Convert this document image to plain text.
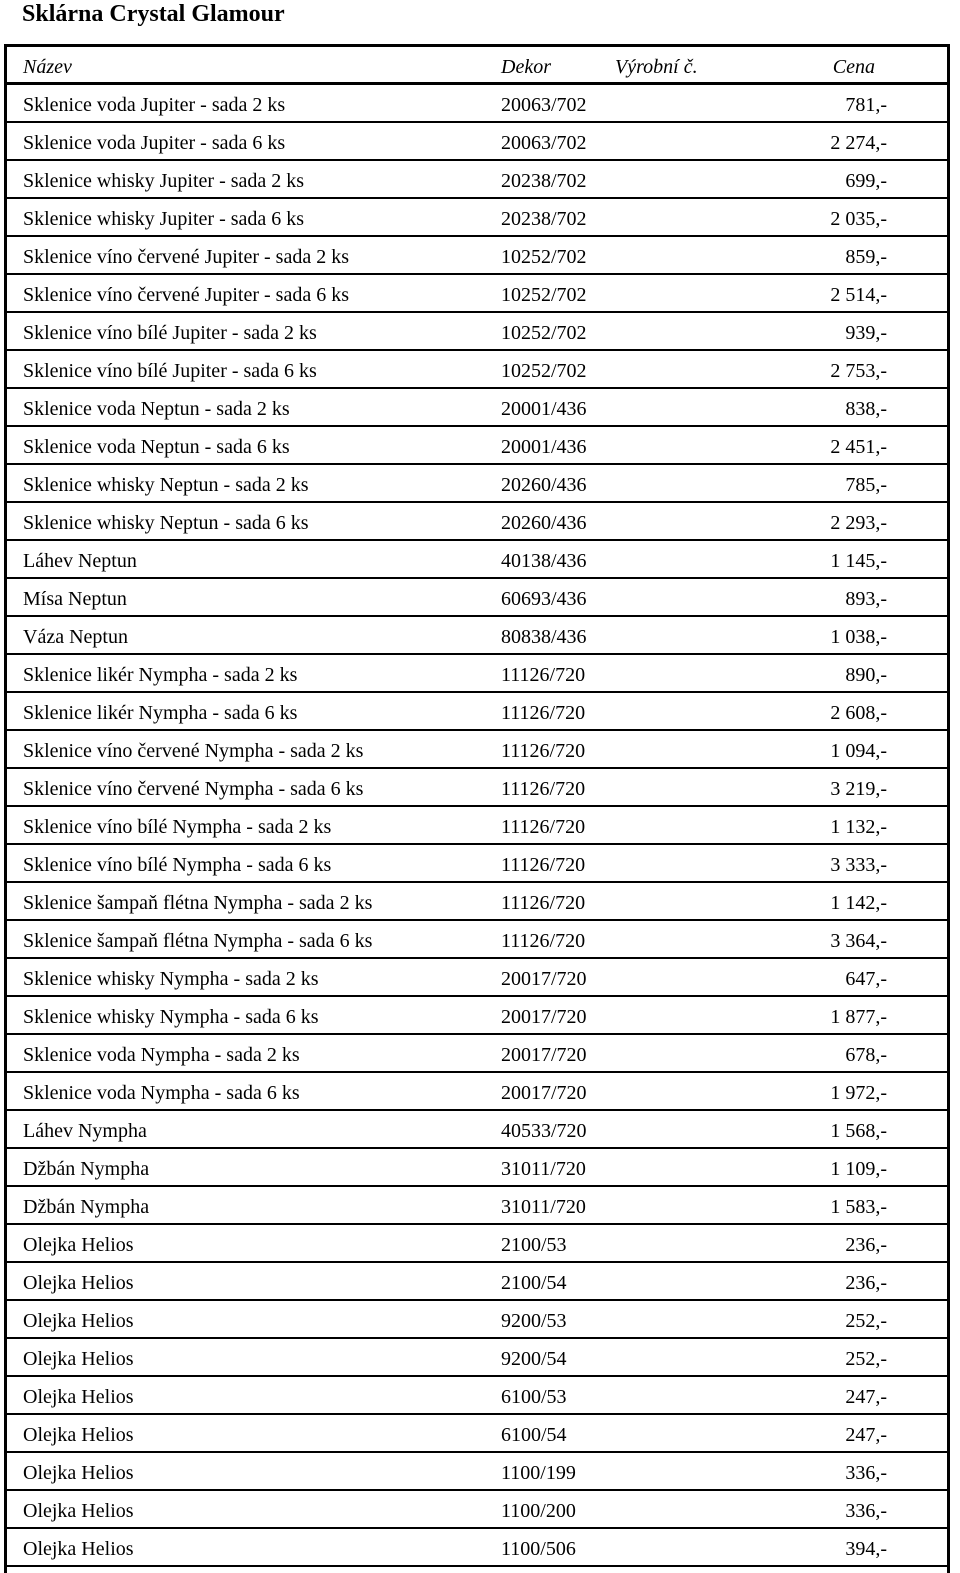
Sklárna Crystal Glamour
Název	Dekor	Výrobní č.	Cena
Sklenice voda Jupiter - sada 2 ks	20063/702	781,-
Sklenice voda Jupiter - sada 6 ks	20063/702	2 274,-
Sklenice whisky Jupiter - sada 2 ks	20238/702	699,-
Sklenice whisky Jupiter - sada 6 ks	20238/702	2 035,-
Sklenice víno červené Jupiter - sada 2 ks	10252/702	859,-
Sklenice víno červené Jupiter - sada 6 ks	10252/702	2 514,-
Sklenice víno bílé Jupiter - sada 2 ks	10252/702	939,-
Sklenice víno bílé Jupiter - sada 6 ks	10252/702	2 753,-
Sklenice voda Neptun - sada 2 ks	20001/436	838,-
Sklenice voda Neptun - sada 6 ks	20001/436	2 451,-
Sklenice whisky Neptun - sada 2 ks	20260/436	785,-
Sklenice whisky Neptun - sada 6 ks	20260/436	2 293,-
Láhev Neptun	40138/436	1 145,-
Mísa Neptun	60693/436	893,-
Váza Neptun	80838/436	1 038,-
Sklenice likér Nympha - sada 2 ks	11126/720	890,-
Sklenice likér Nympha - sada 6 ks	11126/720	2 608,-
Sklenice víno červené Nympha - sada 2 ks	11126/720	1 094,-
Sklenice víno červené Nympha - sada 6 ks	11126/720	3 219,-
Sklenice víno bílé Nympha - sada 2 ks	11126/720	1 132,-
Sklenice víno bílé Nympha - sada 6 ks	11126/720	3 333,-
Sklenice šampaň flétna Nympha - sada 2 ks	11126/720	1 142,-
Sklenice šampaň flétna Nympha - sada 6 ks	11126/720	3 364,-
Sklenice whisky Nympha - sada 2 ks	20017/720	647,-
Sklenice whisky Nympha - sada 6 ks	20017/720	1 877,-
Sklenice voda Nympha - sada 2 ks	20017/720	678,-
Sklenice voda Nympha - sada 6 ks	20017/720	1 972,-
Láhev Nympha	40533/720	1 568,-
Džbán Nympha	31011/720	1 109,-
Džbán Nympha	31011/720	1 583,-
Olejka Helios	2100/53	236,-
Olejka Helios	2100/54	236,-
Olejka Helios	9200/53	252,-
Olejka Helios	9200/54	252,-
Olejka Helios	6100/53	247,-
Olejka Helios	6100/54	247,-
Olejka Helios	1100/199	336,-
Olejka Helios	1100/200	336,-
Olejka Helios	1100/506	394,-
